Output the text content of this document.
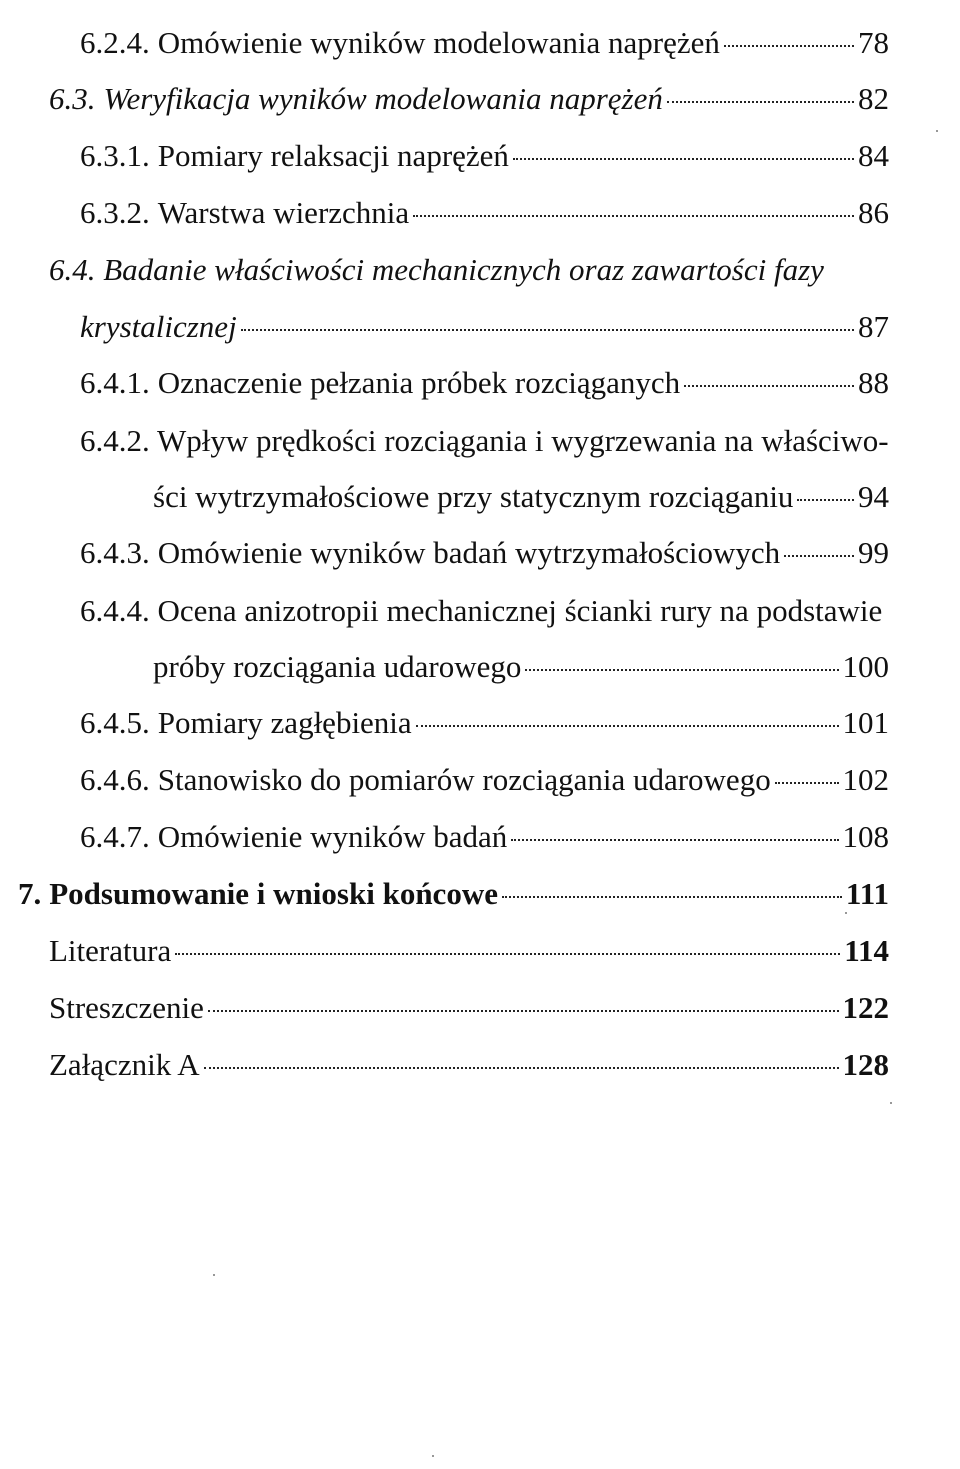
6.2.4. Omówienie wyników modelowania naprężeń	78
6.3. Weryfikacja wyników modelowania naprężeń	82
6.3.1. Pomiary relaksacji naprężeń	84
6.3.2. Warstwa wierzchnia	86
6.4. Badanie właściwości mechanicznych oraz zawartości fazy
krystalicznej	87
6.4.1. Oznaczenie pełzania próbek rozciąganych	88
6.4.2. Wpływ prędkości rozciągania i wygrzewania na właściwo-
ści wytrzymałościowe przy statycznym rozciąganiu 94
6.4.3. Omówienie wyników badań wytrzymałościowych	99
6.4.4. Ocena anizotropii mechanicznej ścianki rury na podstawie
próby rozciągania udarowego	100
6.4.5. Pomiary zagłębienia	101
6.4.6. Stanowisko do pomiarów rozciągania udarowego 102
6.4.7. Omówienie wyników badań	108
7. Podsumowanie i wnioski końcowe	111
Literatura	114
Streszczenie	122
Załącznik A	128
